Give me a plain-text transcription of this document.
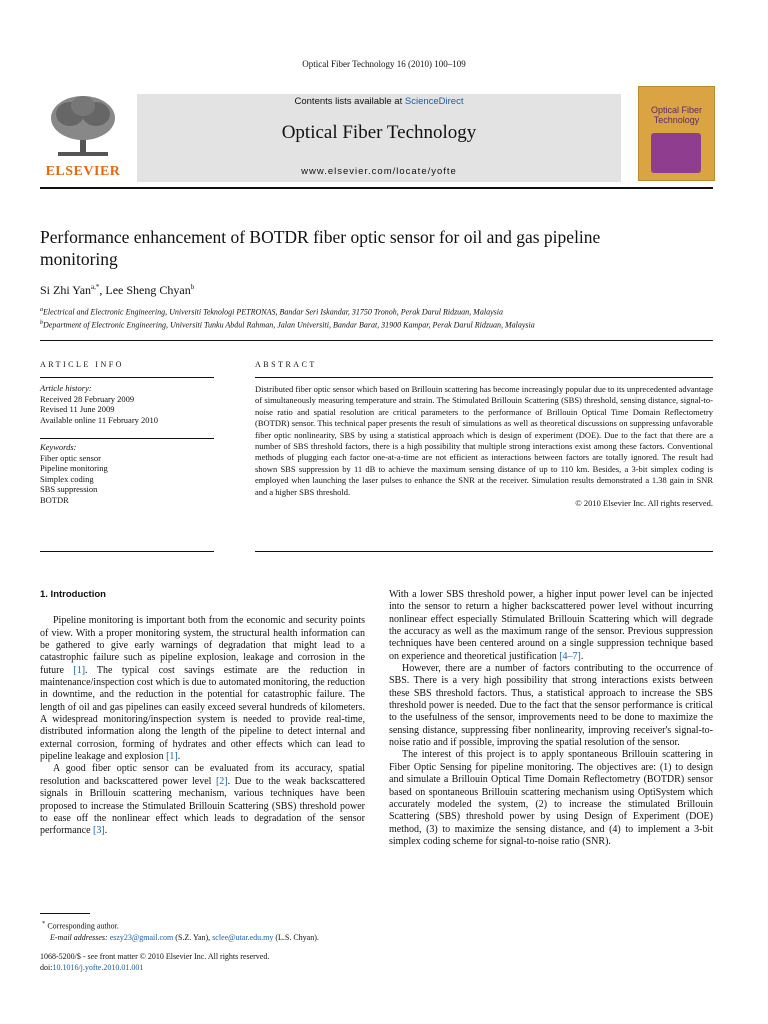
Optical Fiber Technology 16 (2010) 100–109
ELSEVIER
Contents lists available at ScienceDirect
Optical Fiber Technology
www.elsevier.com/locate/yofte
Optical Fiber
Technology
Performance enhancement of BOTDR fiber optic sensor for oil and gas pipeline monitoring
Si Zhi Yan$^{a,*}$, Lee Sheng Chyan$^b$
$^a$Electrical and Electronic Engineering, Universiti Teknologi PETRONAS, Bandar Seri Iskandar, 31750 Tronoh, Perak Darul Ridzuan, Malaysia
$^b$Department of Electronic Engineering, Universiti Tunku Abdul Rahman, Jalan Universiti, Bandar Barat, 31900 Kampar, Perak Darul Ridzuan, Malaysia
ARTICLE INFO	ABSTRACT
Article history:
Received 28 February 2009
Revised 11 June 2009
Available online 11 February 2010
Keywords:
Fiber optic sensor
Pipeline monitoring
Simplex coding
SBS suppression
BOTDR
Distributed fiber optic sensor which based on Brillouin scattering has become increasingly popular due to its unprecedented advantage of simultaneously measuring temperature and strain. The Stimulated Brillouin Scattering (SBS) threshold, sensing distance, signal-to-noise ratio and spatial resolution are critical parameters to the performance of Brillouin Optical Time Domain Reflectometry (BOTDR) sensor. This technical paper presents the result of simulations as well as theoretical discussions on suppressing unfavorable fiber optic nonlinearity, SBS by using a statistical approach which is design of experiment (DOE). Due to the fact that there are a number of SBS threshold factors, there is a high possibility that multiple strong interactions exist among these factors. Conventional methods of plugging each factor one-at-a-time are not efficient as interactions between factors are totally ignored. The result had shown SBS suppression by 11 dB to achieve the maximum sensing distance of up to 110 km. Besides, a 3-bit simplex coding is employed when launching the laser pulses to enhance the SNR at the receiver. Simulation results demonstrated a 1.38 gain in SNR and a higher SBS threshold.
© 2010 Elsevier Inc. All rights reserved.

1. Introduction

Pipeline monitoring is important both from the economic and security points of view. With a proper monitoring system, the structural health information can be gathered to give early warnings of degradation that might lead to a catastrophic failure such as pipeline explosion, leakage and corrosion in the future [1]. The typical cost savings estimate are the reduction in maintenance/inspection cost which is due to automated monitoring, the reduction in downtime, and the reduction in the potential for catastrophic failure. The length of oil and gas pipelines can easily exceed several hundreds of kilometers. A widespread monitoring/inspection system is needed to provide real-time, distributed information along the length of the pipeline to detect internal and external corrosion, forming of hydrates and other effects which can lead to pipeline leakage and explosion [1].

A good fiber optic sensor can be evaluated from its accuracy, spatial resolution and backscattered power level [2]. Due to the weak backscattered signals in Brillouin scattering mechanism, various techniques have been proposed to increase the Stimulated Brillouin Scattering (SBS) threshold power to ease off the nonlinear effect which leads to degradation of the sensor performance [3].

With a lower SBS threshold power, a higher input power level can be injected into the sensor to return a higher backscattered power level without incurring nonlinear effect especially Stimulated Brillouin Scattering which will degrade the accuracy as well as the maximum range of the sensor. Previous suppression techniques have been centered around on a single suppression technique based on experience and theoretical justification [4–7].

However, there are a number of factors contributing to the occurrence of SBS. There is a very high possibility that strong interactions exists between these SBS threshold factors. Thus, a statistical approach to increase the SBS threshold power is needed. Due to the fact that the sensor performance is critical to the usefulness of the sensor, improvements need to be done to maximize the sensing distance, suppressing fiber nonlinearity, improving receiver's signal-to-noise ratio and if possible, improving the spatial resolution of the sensor.

The interest of this project is to apply spontaneous Brillouin scattering in Fiber Optic Sensing for pipeline monitoring. The objectives are: (1) to design and simulate a Brillouin Optical Time Domain Reflectometry (BOTDR) sensor based on spontaneous Brillouin scattering mechanism using OptiSystem which accurately modeled the system, (2) to increase the stimulated Brillouin Scattering (SBS) threshold power by using Design of Experiment (DOE) method, (3) to maximize the sensing distance, and (4) to implement a 3-bit simplex coding scheme for signal-to-noise ratio (SNR).

* Corresponding author.
E-mail addresses: eszy23@gmail.com (S.Z. Yan), sclee@utar.edu.my (L.S. Chyan).
1068-5200/$ - see front matter © 2010 Elsevier Inc. All rights reserved.
doi:10.1016/j.yofte.2010.01.001
